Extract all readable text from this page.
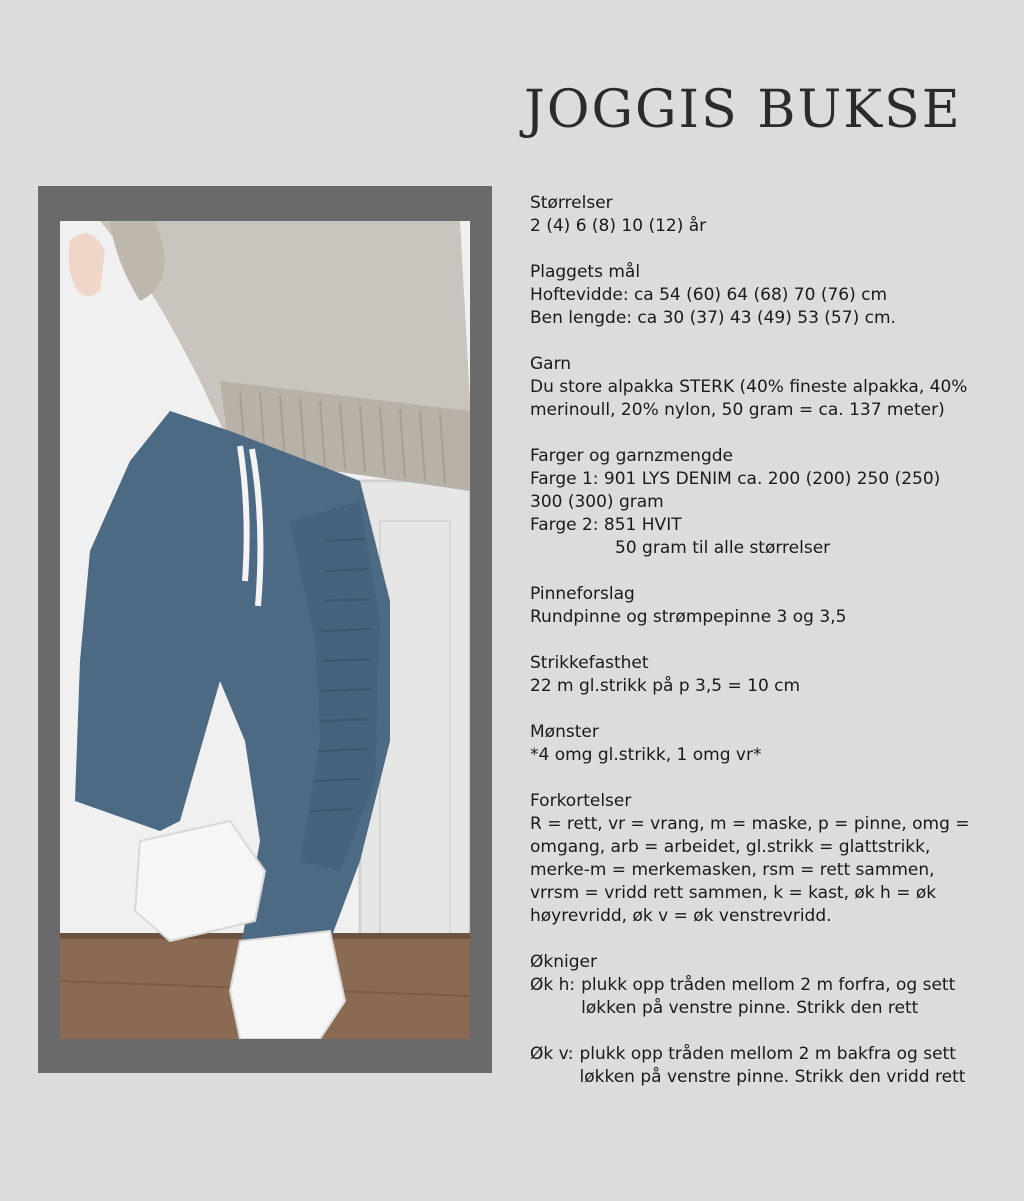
JOGGIS BUKSE
Størrelser
2 (4) 6 (8) 10 (12) år
Plaggets mål
Hoftevidde: ca 54 (60) 64 (68) 70 (76) cm
Ben lengde: ca 30 (37) 43 (49) 53 (57) cm.
Garn
Du store alpakka STERK (40% fineste alpakka, 40%
merinoull, 20% nylon, 50 gram = ca. 137 meter)
Farger og garnzmengde
Farge 1: 901 LYS DENIM ca. 200 (200) 250 (250)
300 (300) gram
Farge 2: 851 HVIT
50 gram til alle størrelser
Pinneforslag
Rundpinne og strømpepinne 3 og 3,5
Strikkefasthet
22 m gl.strikk på p 3,5 = 10 cm
Mønster
*4 omg gl.strikk, 1 omg vr*
Forkortelser
R = rett, vr = vrang, m = maske, p = pinne, omg =
omgang, arb = arbeidet, gl.strikk = glattstrikk,
merke-m = merkemasken, rsm = rett sammen,
vrrsm = vridd rett sammen, k = kast, øk h = øk
høyrevridd, øk v = øk venstrevridd.
Økniger
Øk h: plukk opp tråden mellom 2 m forfra, og sett
løkken på venstre pinne. Strikk den rett
Øk v: plukk opp tråden mellom 2 m bakfra og sett
løkken på venstre pinne. Strikk den vridd rett
